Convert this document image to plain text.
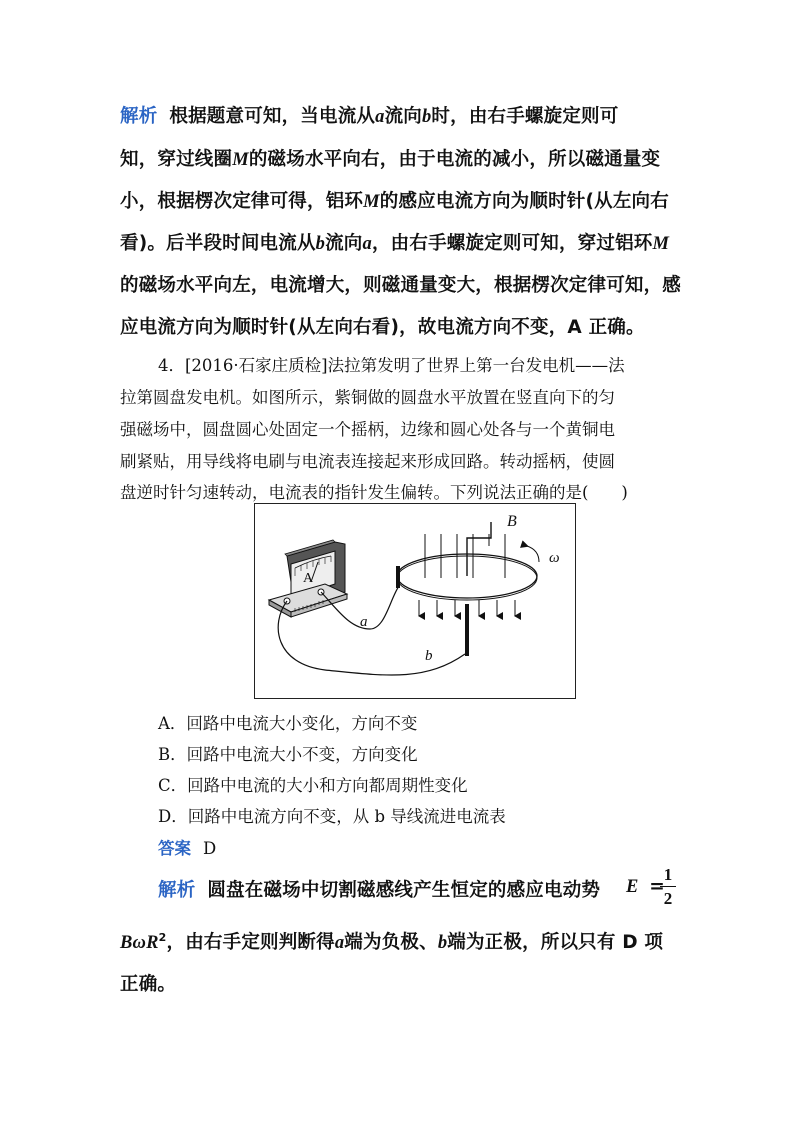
解析 根据题意可知，当电流从a流向b时，由右手螺旋定则可
知，穿过线圈M的磁场水平向右，由于电流的减小，所以磁通量变
小，根据楞次定律可得，铝环M的感应电流方向为顺时针(从左向右
看)。后半段时间电流从b流向a，由右手螺旋定则可知，穿过铝环M
的磁场水平向左，电流增大，则磁通量变大，根据楞次定律可知，感
应电流方向为顺时针(从左向右看)，故电流方向不变，A 正确。
4．[2016·石家庄质检]法拉第发明了世界上第一台发电机——法
拉第圆盘发电机。如图所示，紫铜做的圆盘水平放置在竖直向下的匀
强磁场中，圆盘圆心处固定一个摇柄，边缘和圆心处各与一个黄铜电
刷紧贴，用导线将电刷与电流表连接起来形成回路。转动摇柄，使圆
盘逆时针匀速转动，电流表的指针发生偏转。下列说法正确的是(　　)
A
a
b
B
ω
A．回路中电流大小变化，方向不变
B．回路中电流大小不变，方向变化
C．回路中电流的大小和方向都周期性变化
D．回路中电流方向不变，从 b 导线流进电流表
答案 D
解析 圆盘在磁场中切割磁感线产生恒定的感应电动势 E =
$\frac{1}{2}$
BωR$^2$，由右手定则判断得a端为负极、b端为正极，所以只有 D 项
正确。
